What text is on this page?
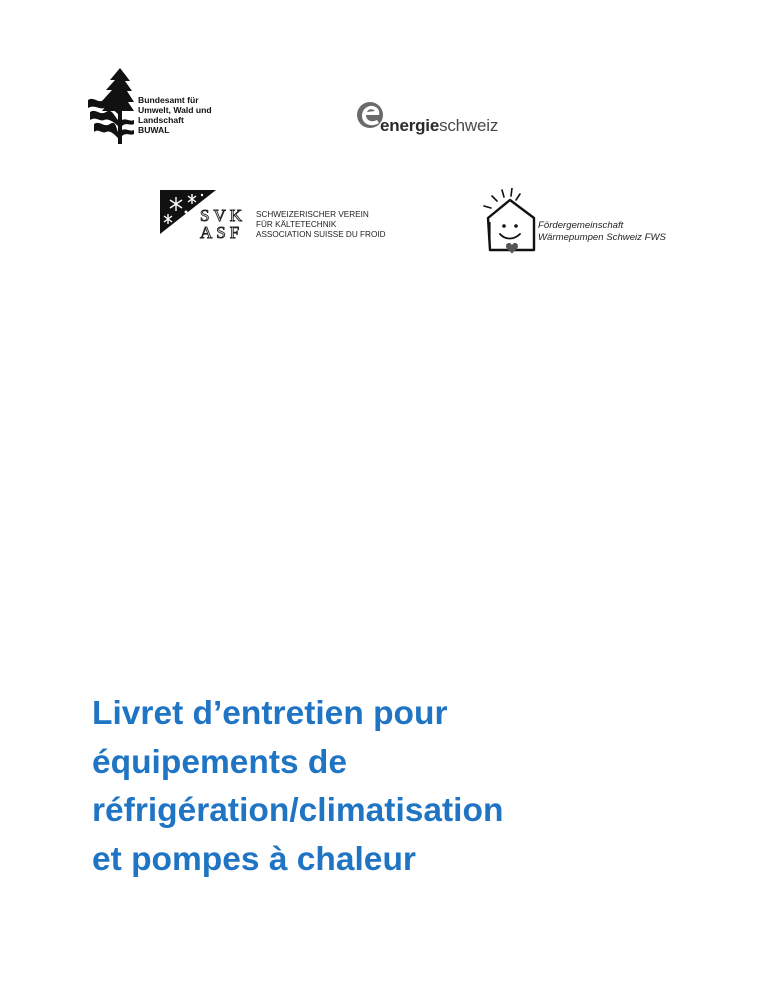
Bundesamt für
Umwelt, Wald und
Landschaft
BUWAL	energieschweiz
SVK
ASF
SCHWEIZERISCHER VEREIN
FÜR KÄLTETECHNIK
ASSOCIATION SUISSE DU FROID
Fördergemeinschaft
Wärmepumpen Schweiz FWS
Livret d’entretien pour
équipements de
réfrigération/climatisation
et pompes à chaleur
